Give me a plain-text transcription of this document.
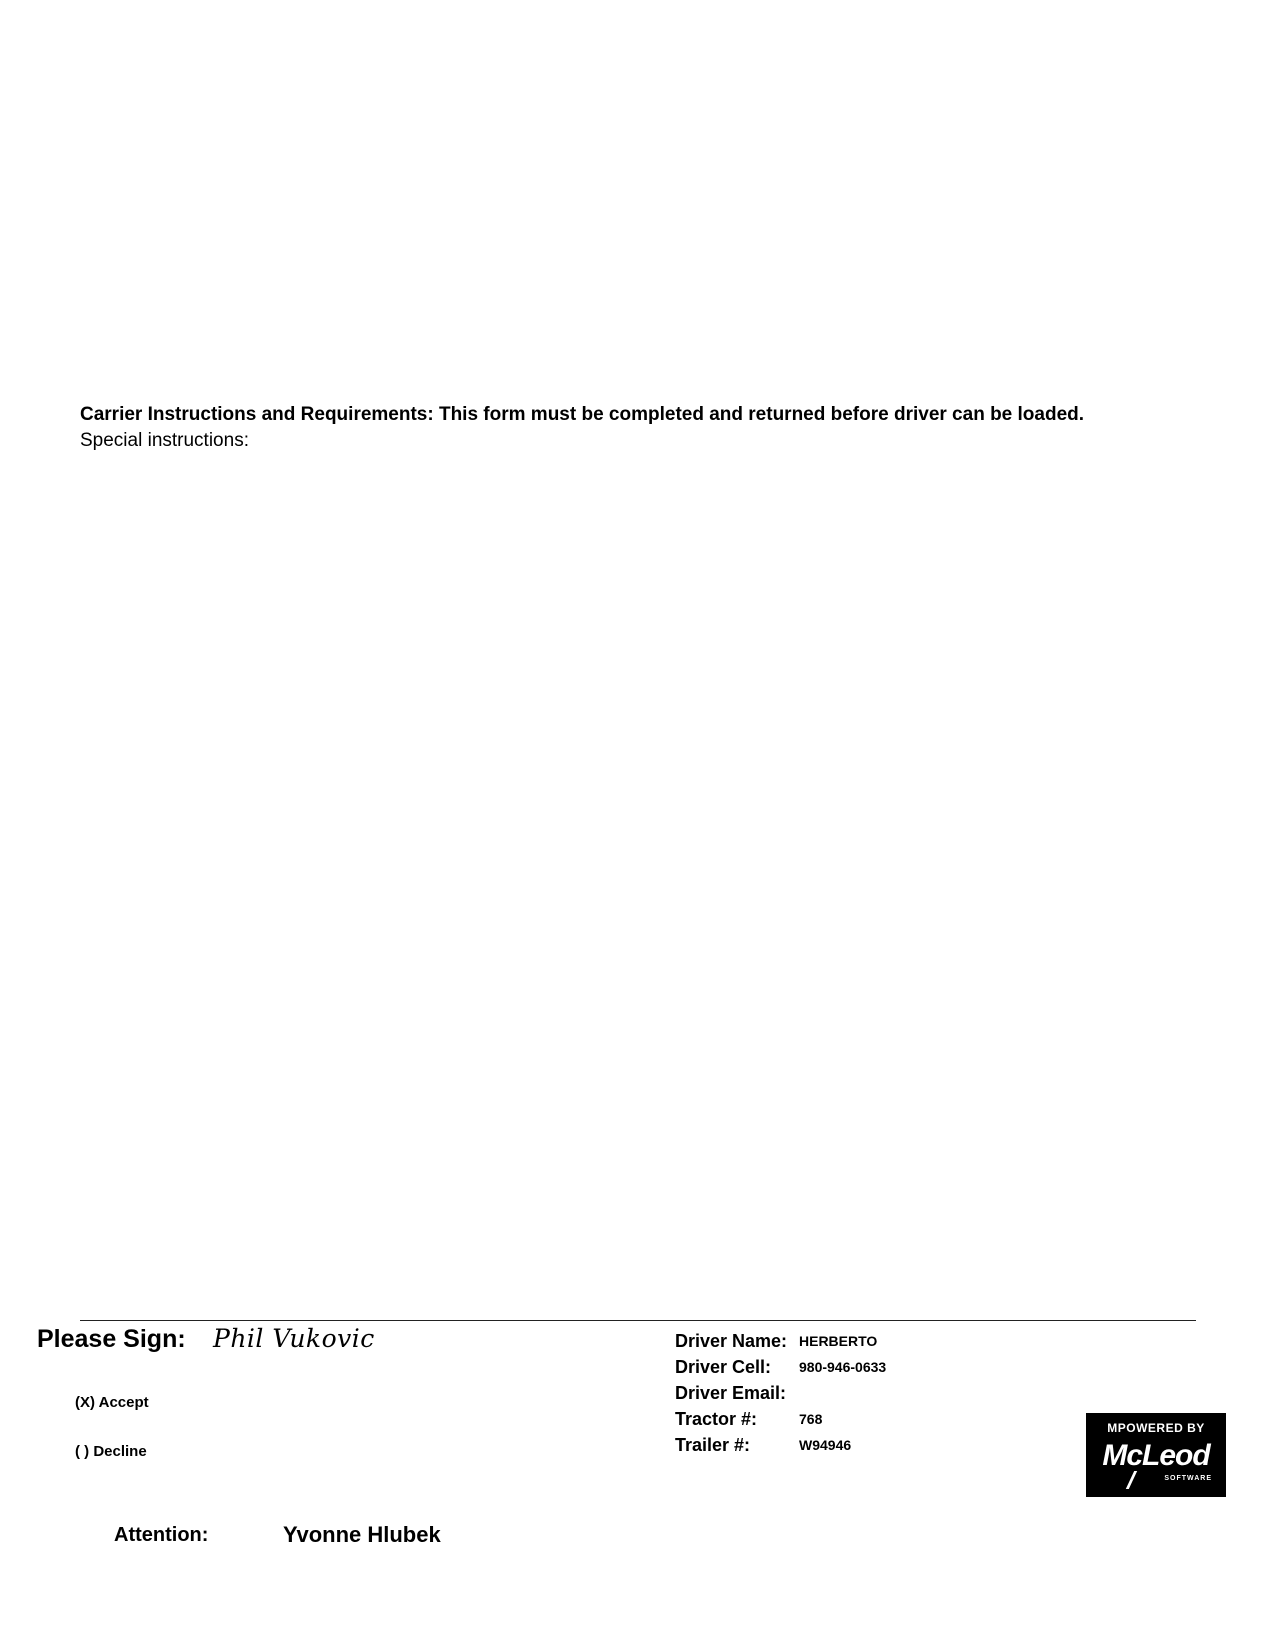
Carrier Instructions and Requirements: This form must be completed and returned before driver can be loaded.
Special instructions:
Please Sign: Phil Vukovic
(X) Accept
( ) Decline
Driver Name: HERBERTO
Driver Cell: 980-946-0633
Driver Email:
Tractor #:	768
Trailer #:	W94946
MPOWERED BY
McLeod
SOFTWARE
Attention:	Yvonne Hlubek
